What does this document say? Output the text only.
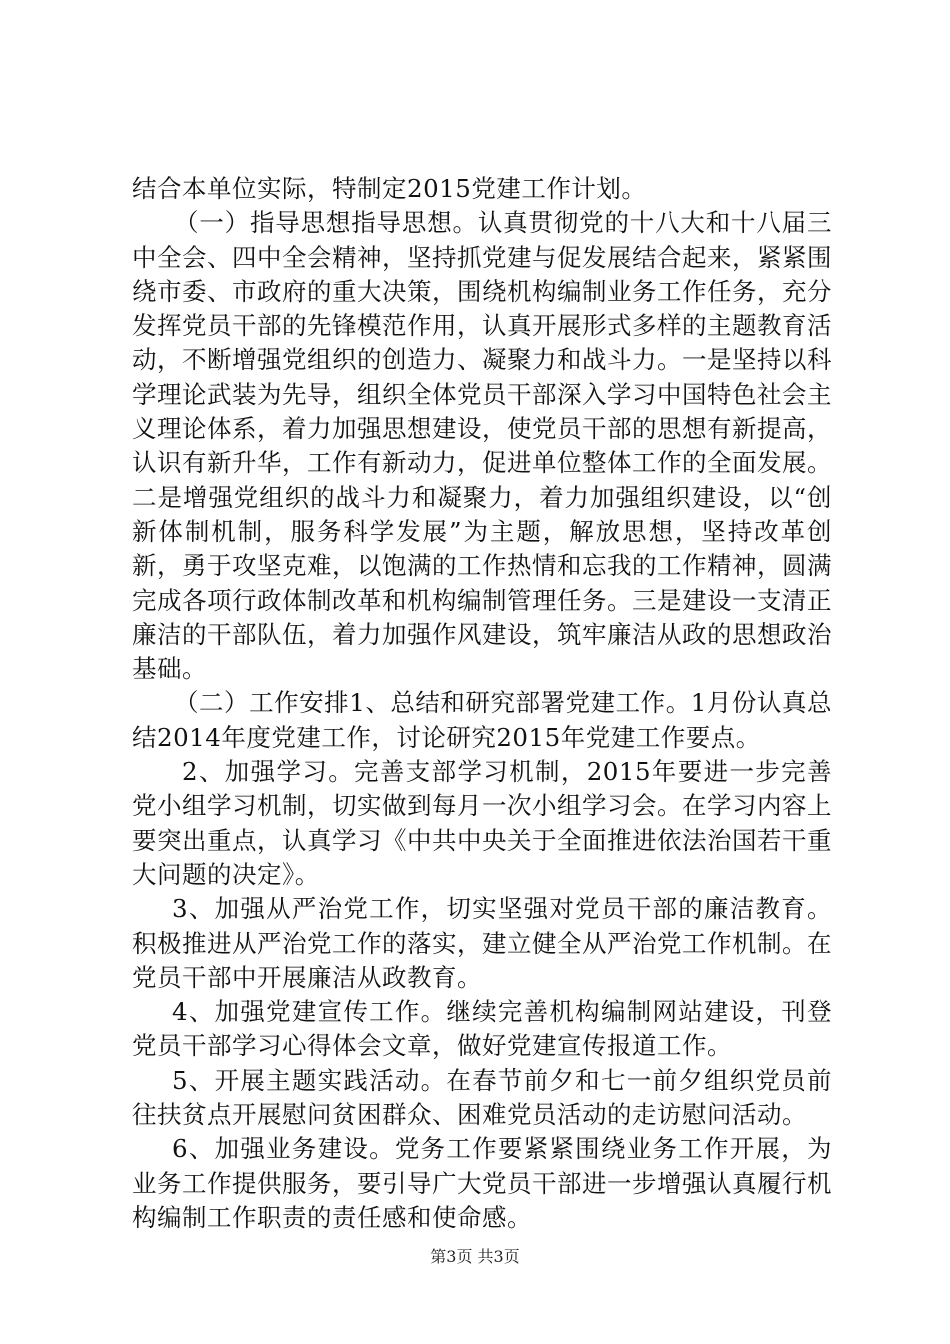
结合本单位实际，特制定2015党建工作计划。

（一）指导思想指导思想。认真贯彻党的十八大和十八届三中全会、四中全会精神，坚持抓党建与促发展结合起来，紧紧围绕市委、市政府的重大决策，围绕机构编制业务工作任务，充分发挥党员干部的先锋模范作用，认真开展形式多样的主题教育活动，不断增强党组织的创造力、凝聚力和战斗力。一是坚持以科学理论武装为先导，组织全体党员干部深入学习中国特色社会主义理论体系，着力加强思想建设，使党员干部的思想有新提高，认识有新升华，工作有新动力，促进单位整体工作的全面发展。二是增强党组织的战斗力和凝聚力，着力加强组织建设，以“创新体制机制，服务科学发展”为主题，解放思想，坚持改革创新，勇于攻坚克难，以饱满的工作热情和忘我的工作精神，圆满完成各项行政体制改革和机构编制管理任务。三是建设一支清正廉洁的干部队伍，着力加强作风建设，筑牢廉洁从政的思想政治基础。

（二）工作安排1、总结和研究部署党建工作。1月份认真总结2014年度党建工作，讨论研究2015年党建工作要点。

2、加强学习。完善支部学习机制，2015年要进一步完善党小组学习机制，切实做到每月一次小组学习会。在学习内容上要突出重点，认真学习《中共中央关于全面推进依法治国若干重大问题的决定》。

3、加强从严治党工作，切实坚强对党员干部的廉洁教育。积极推进从严治党工作的落实，建立健全从严治党工作机制。在党员干部中开展廉洁从政教育。

4、加强党建宣传工作。继续完善机构编制网站建设，刊登党员干部学习心得体会文章，做好党建宣传报道工作。

5、开展主题实践活动。在春节前夕和七一前夕组织党员前往扶贫点开展慰问贫困群众、困难党员活动的走访慰问活动。

6、加强业务建设。党务工作要紧紧围绕业务工作开展，为业务工作提供服务，要引导广大党员干部进一步增强认真履行机构编制工作职责的责任感和使命感。

第3页 共3页
